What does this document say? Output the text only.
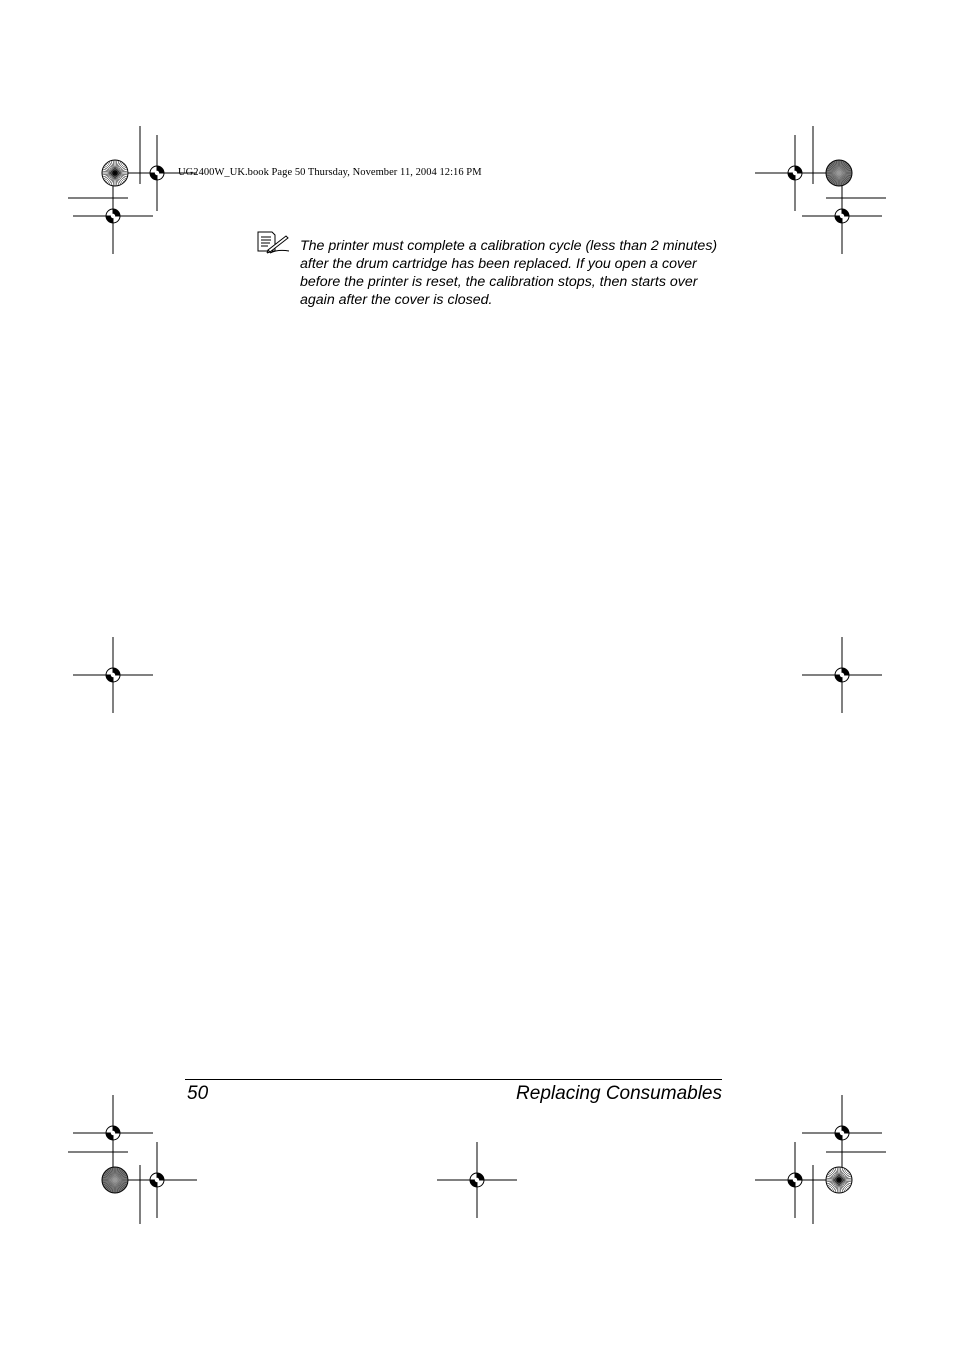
UG2400W_UK.book Page 50 Thursday, November 11, 2004 12:16 PM
The printer must complete a calibration cycle (less than 2 minutes)
after the drum cartridge has been replaced. If you open a cover
before the printer is reset, the calibration stops, then starts over
again after the cover is closed.
50	Replacing Consumables
